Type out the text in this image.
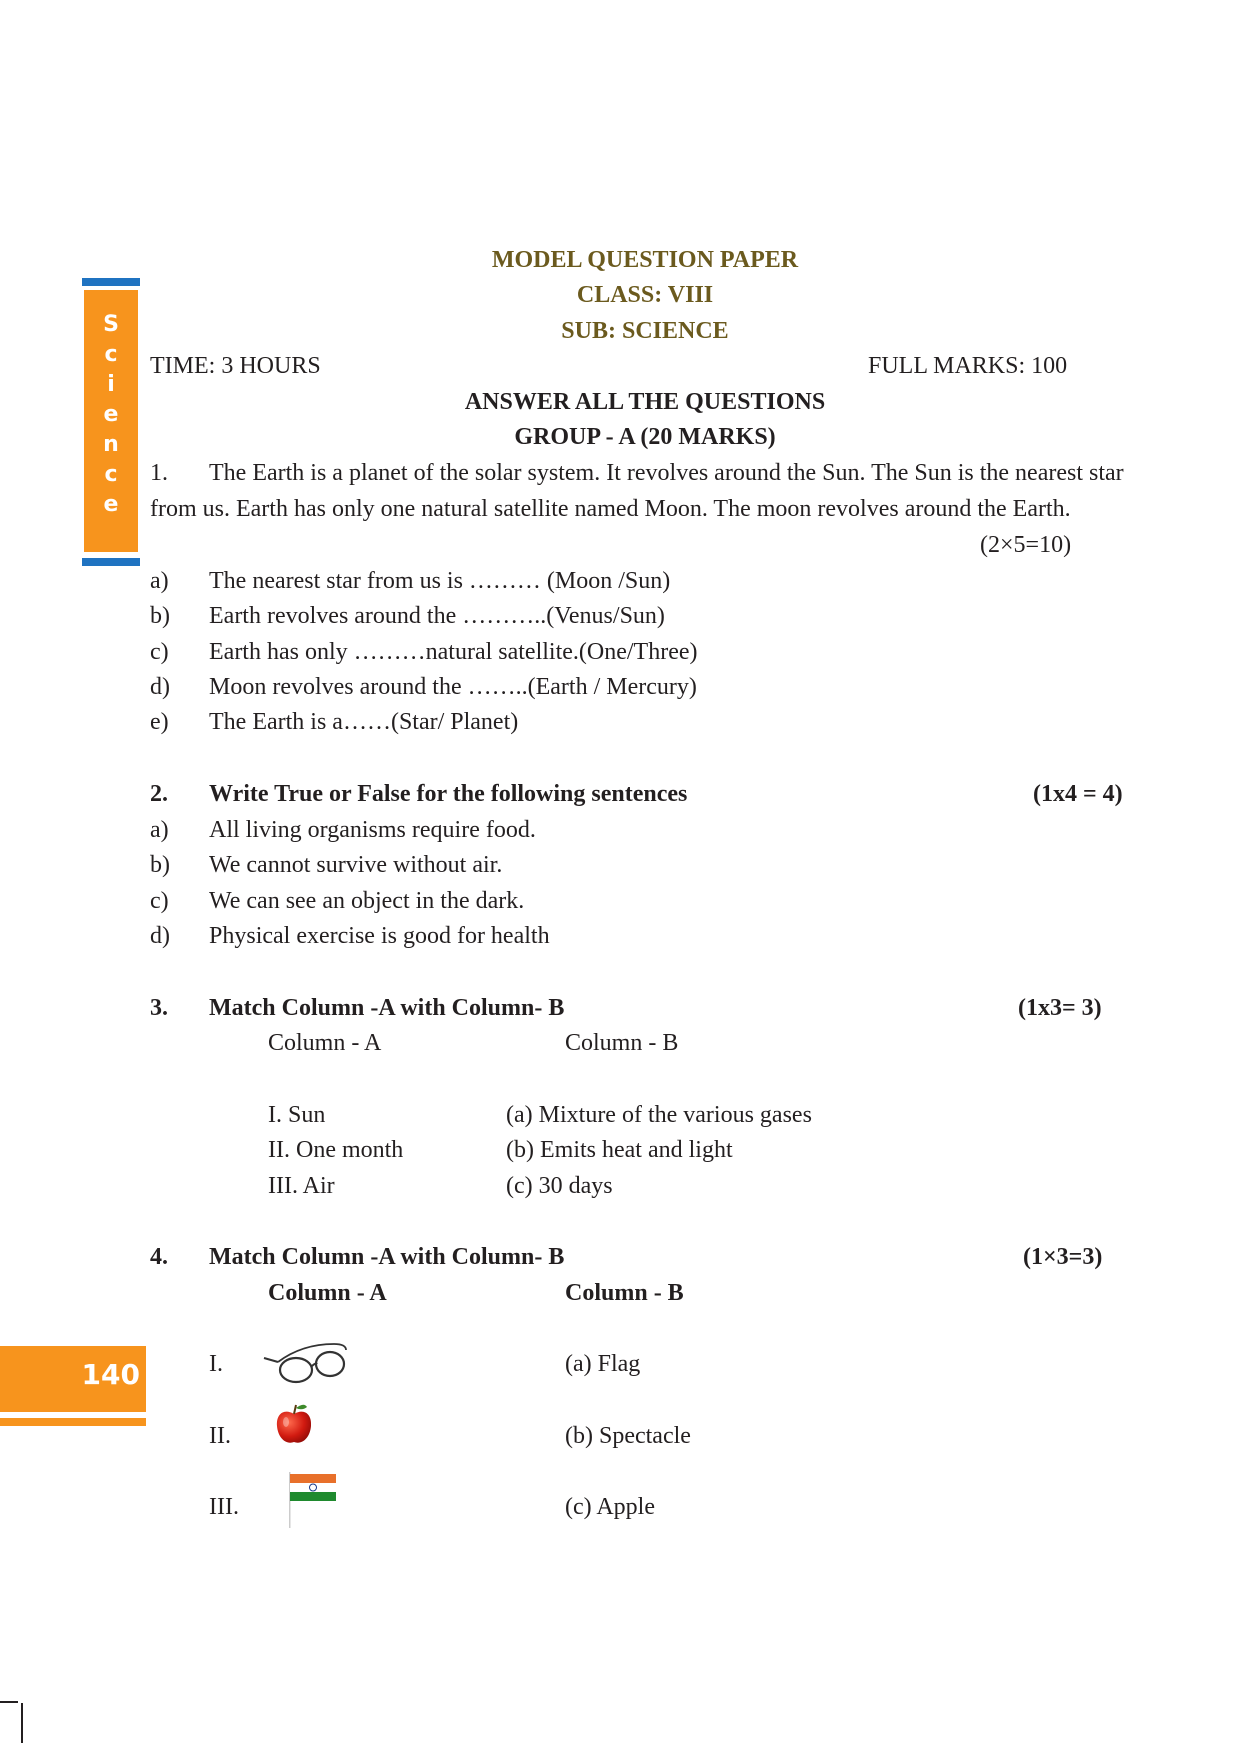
S
c
i
e
n
c
e
MODEL QUESTION PAPER
CLASS: VIII
SUB: SCIENCE
TIME: 3 HOURS	FULL MARKS: 100
ANSWER ALL THE QUESTIONS
GROUP - A (20 MARKS)
1. The Earth is a planet of the solar system. It revolves around the Sun. The Sun is the nearest star
from us. Earth has only one natural satellite named Moon. The moon revolves around the Earth.
(2×5=10)
a) The nearest star from us is ……… (Moon /Sun)
b) Earth revolves around the ………..(Venus/Sun)
c) Earth has only ………natural satellite.(One/Three)
d) Moon revolves around the ……..(Earth / Mercury)
e) The Earth is a……(Star/ Planet)
2. Write True or False for the following sentences	(1x4 = 4)
a) All living organisms require food.
b) We cannot survive without air.
c) We can see an object in the dark.
d) Physical exercise is good for health
3. Match Column -A with Column- B	(1x3= 3)
Column - A	Column - B
I. Sun	(a) Mixture of the various gases
II. One month	(b) Emits heat and light
III. Air	(c) 30 days
4. Match Column -A with Column- B	(1×3=3)
Column - A	Column - B
I.	(a) Flag
II.	(b) Spectacle
III.	(c) Apple
140
